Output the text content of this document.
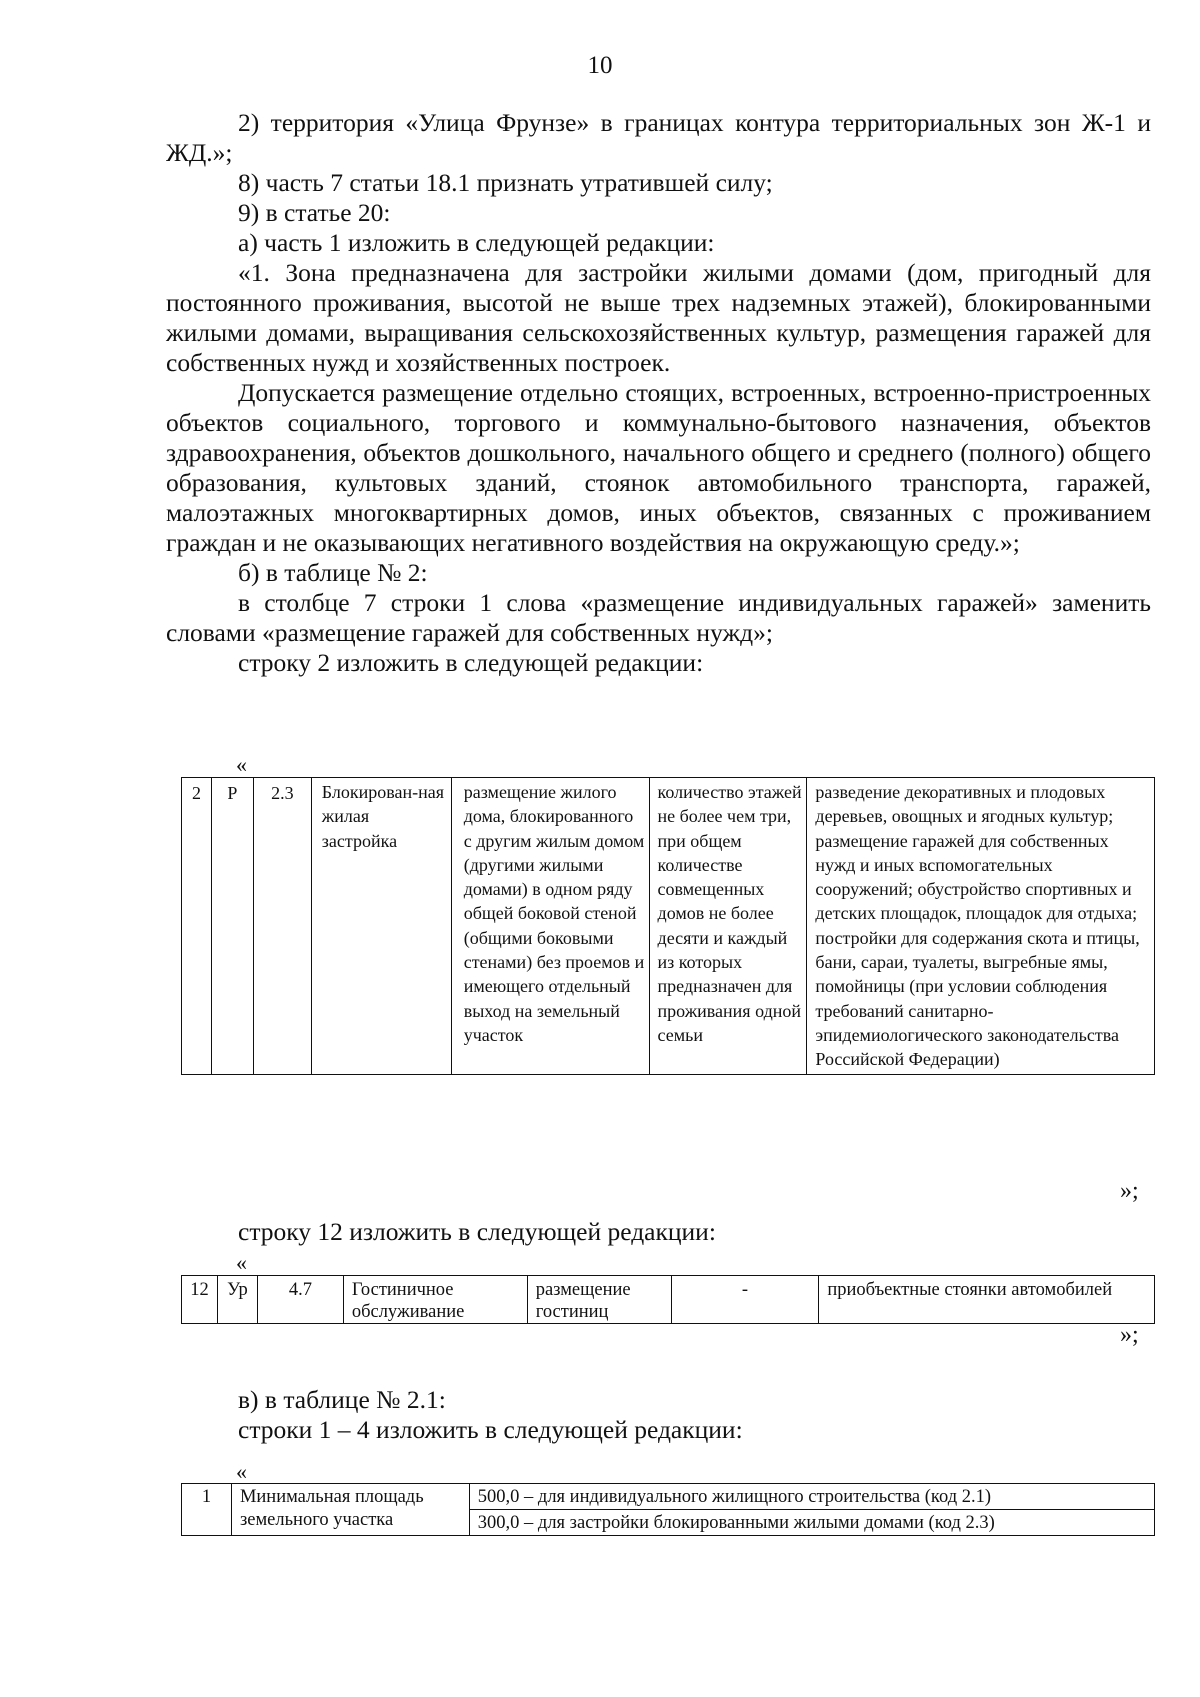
10

2) территория «Улица Фрунзе» в границах контура территориальных зон Ж-1 и ЖД.»;

8) часть 7 статьи 18.1 признать утратившей силу;

9) в статье 20:

а) часть 1 изложить в следующей редакции:

«1. Зона предназначена для застройки жилыми домами (дом, пригодный для постоянного проживания, высотой не выше трех надземных этажей), блокированными жилыми домами, выращивания сельскохозяйственных культур, размещения гаражей для собственных нужд и хозяйственных построек.

Допускается размещение отдельно стоящих, встроенных, встроенно-пристроенных объектов социального, торгового и коммунально-бытового назначения, объектов здравоохранения, объектов дошкольного, начального общего и среднего (полного) общего образования, культовых зданий, стоянок автомобильного транспорта, гаражей, малоэтажных многоквартирных домов, иных объектов, связанных с проживанием граждан и не оказывающих негативного воздействия на окружающую среду.»;

б) в таблице № 2:

в столбце 7 строки 1 слова «размещение индивидуальных гаражей» заменить словами «размещение гаражей для собственных нужд»;

строку 2 изложить в следующей редакции:

«
2	Р	2.3	Блокирован-ная жилая застройка	размещение жилого дома, блокированного с другим жилым домом (другими жилыми домами) в одном ряду общей боковой стеной (общими боковыми стенами) без проемов и имеющего отдельный выход на земельный участок	количество этажей не более чем три, при общем количестве совмещенных домов не более десяти и каждый из которых предназначен для проживания одной семьи	разведение декоративных и плодовых деревьев, овощных и ягодных культур; размещение гаражей для собственных нужд и иных вспомогательных сооружений; обустройство спортивных и детских площадок, площадок для отдыха; постройки для содержания скота и птицы, бани, сараи, туалеты, выгребные ямы, помойницы (при условии соблюдения требований санитарно-эпидемиологического законодательства Российской Федерации)
»;

строку 12 изложить в следующей редакции:

«
12	Ур	4.7	Гостиничное обслуживание	размещение гостиниц	-	приобъектные стоянки автомобилей
»;

в) в таблице № 2.1:

строки 1 – 4 изложить в следующей редакции:

«
1	Минимальная площадь земельного участка	500,0 – для индивидуального жилищного строительства (код 2.1)
300,0 – для застройки блокированными жилыми домами (код 2.3)
